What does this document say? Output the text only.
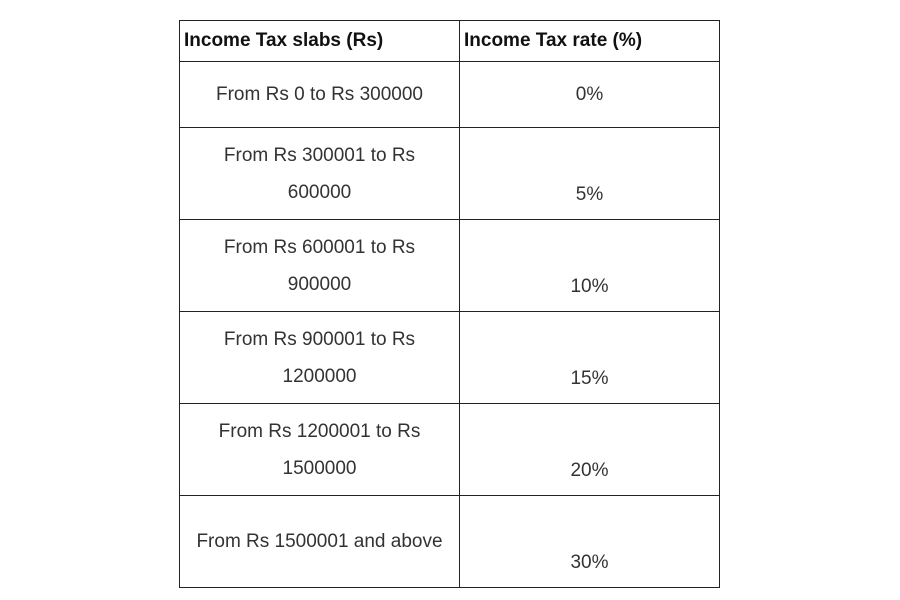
Income Tax slabs (Rs)	Income Tax rate (%)
From Rs 0 to Rs 300000	0%
From Rs 300001 to Rs 600000	5%
From Rs 600001 to Rs 900000	10%
From Rs 900001 to Rs 1200000	15%
From Rs 1200001 to Rs 1500000	20%
From Rs 1500001 and above	30%
